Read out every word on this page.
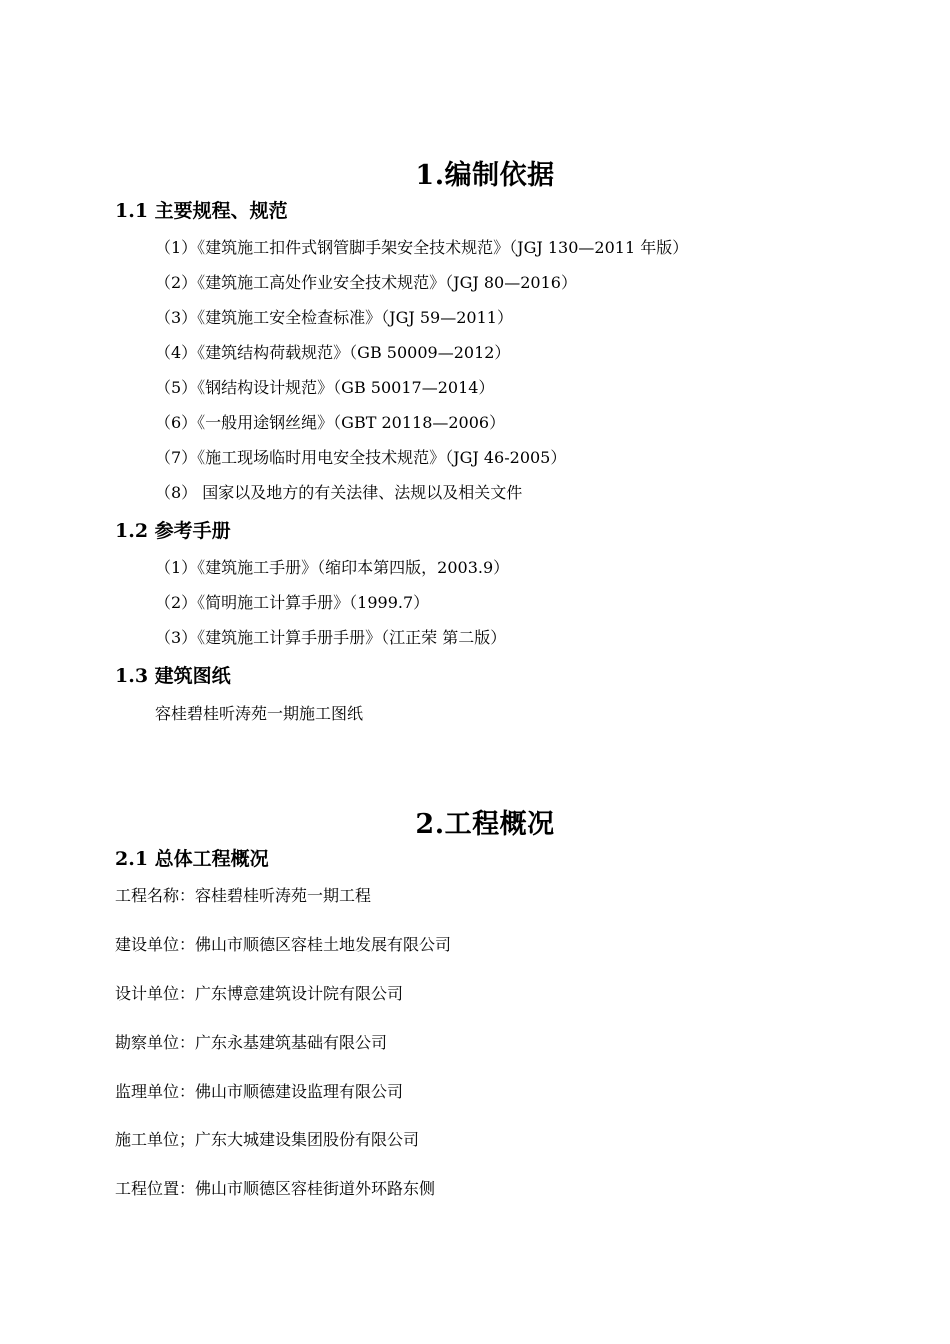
1.编制依据
1.1 主要规程、规范
（1）《建筑施工扣件式钢管脚手架安全技术规范》（JGJ 130—2011 年版）
（2）《建筑施工高处作业安全技术规范》（JGJ 80—2016）
（3）《建筑施工安全检查标准》（JGJ 59—2011）
（4）《建筑结构荷载规范》（GB 50009—2012）
（5）《钢结构设计规范》（GB 50017—2014）
（6）《一般用途钢丝绳》（GBT 20118—2006）
（7）《施工现场临时用电安全技术规范》（JGJ 46-2005）
（8） 国家以及地方的有关法律、法规以及相关文件
1.2 参考手册
（1）《建筑施工手册》（缩印本第四版，2003.9）
（2）《简明施工计算手册》（1999.7）
（3）《建筑施工计算手册手册》（江正荣 第二版）
1.3 建筑图纸
容桂碧桂听涛苑一期施工图纸
2.工程概况
2.1 总体工程概况
工程名称：容桂碧桂听涛苑一期工程
建设单位：佛山市顺德区容桂土地发展有限公司
设计单位：广东博意建筑设计院有限公司
勘察单位：广东永基建筑基础有限公司
监理单位：佛山市顺德建设监理有限公司
施工单位；广东大城建设集团股份有限公司
工程位置：佛山市顺德区容桂街道外环路东侧
